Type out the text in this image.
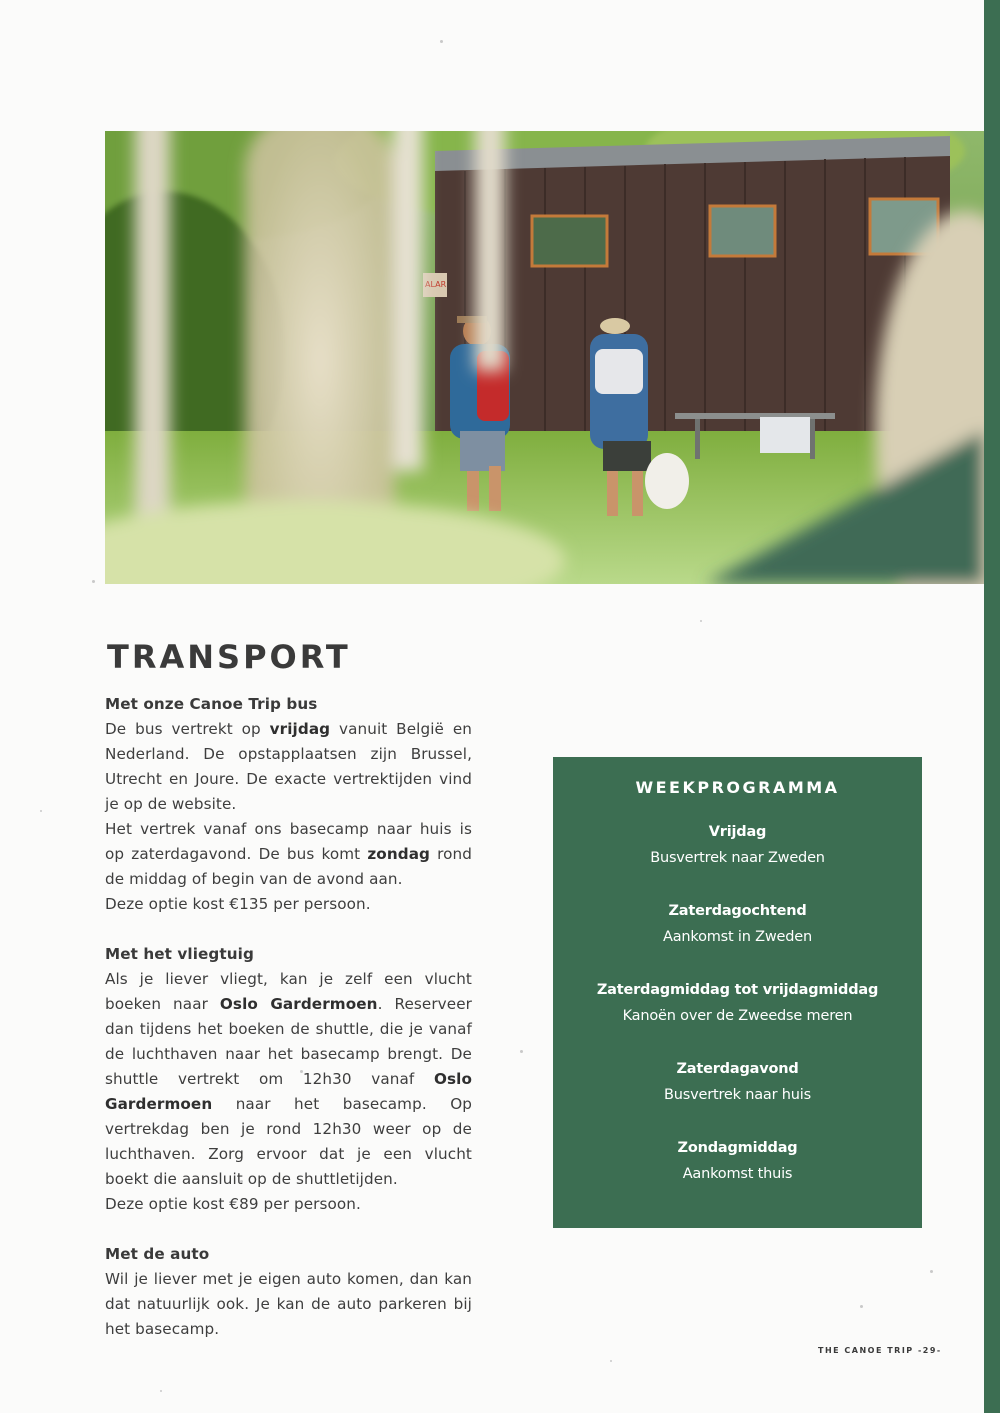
ALAR
TRANSPORT
Met onze Canoe Trip bus

De bus vertrekt op vrijdag vanuit België en Nederland. De opstapplaatsen zijn Brussel, Utrecht en Joure. De exacte vertrektijden vind je op de website.

Het vertrek vanaf ons basecamp naar huis is op zaterdagavond. De bus komt zondag rond de middag of begin van de avond aan.

Deze optie kost €135 per persoon.

Met het vliegtuig

Als je liever vliegt, kan je zelf een vlucht boeken naar Oslo Gardermoen. Reserveer dan tijdens het boeken de shuttle, die je vanaf de luchthaven naar het basecamp brengt. De shuttle vertrekt om 12h30 vanaf Oslo Gardermoen naar het basecamp. Op vertrekdag ben je rond 12h30 weer op de luchthaven. Zorg ervoor dat je een vlucht boekt die aansluit op de shuttletijden.

Deze optie kost €89 per persoon.

Met de auto

Wil je liever met je eigen auto komen, dan kan dat natuurlijk ook. Je kan de auto parkeren bij het basecamp.

WEEKPROGRAMMA
Vrijdag
Busvertrek naar Zweden
Zaterdagochtend
Aankomst in Zweden
Zaterdagmiddag tot vrijdagmiddag
Kanoën over de Zweedse meren
Zaterdagavond
Busvertrek naar huis
Zondagmiddag
Aankomst thuis
THE CANOE TRIP -29-
